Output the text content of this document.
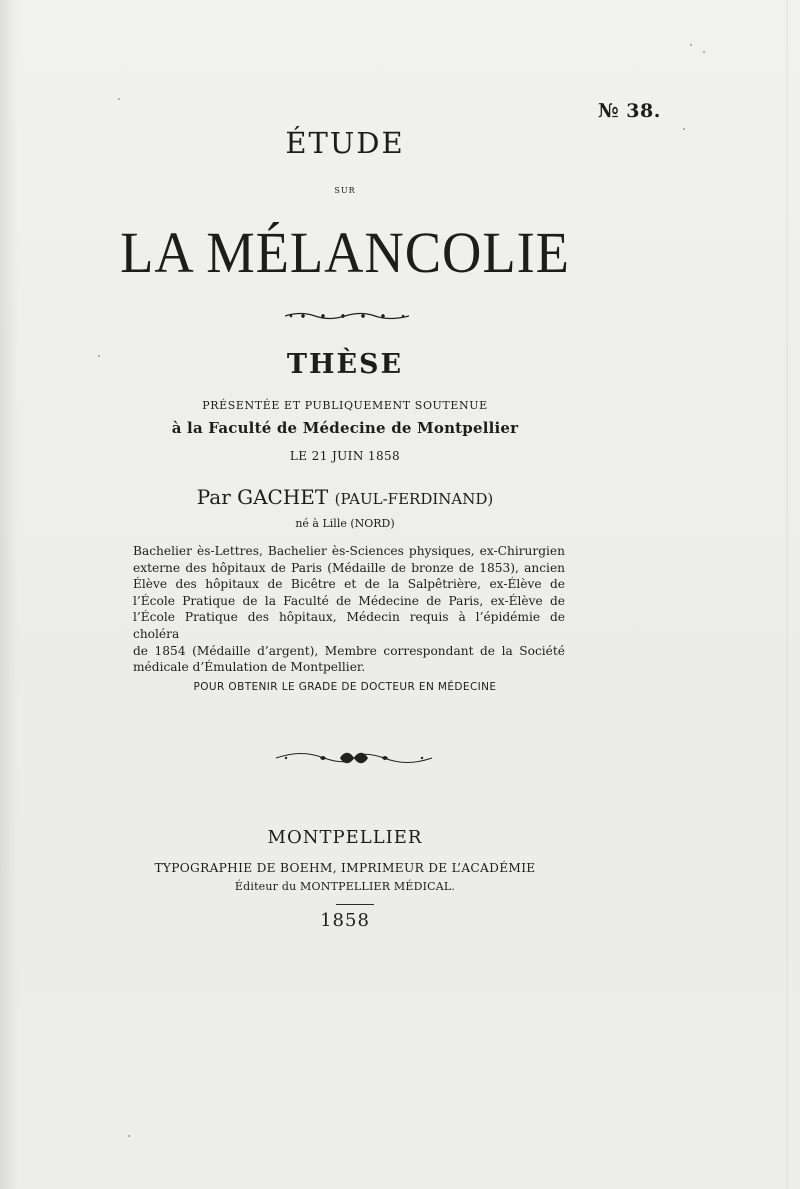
№ 38.
ÉTUDE
SUR
LA MÉLANCOLIE
THÈSE
PRÉSENTÉE ET PUBLIQUEMENT SOUTENUE
à la Faculté de Médecine de Montpellier
LE 21 JUIN 1858
Par GACHET (PAUL-FERDINAND)
né à Lille (NORD)
Bachelier ès-Lettres, Bachelier ès-Sciences physiques, ex-Chirurgien
externe des hôpitaux de Paris (Médaille de bronze de 1853), ancien
Élève des hôpitaux de Bicêtre et de la Salpêtrière, ex-Élève de
l’École Pratique de la Faculté de Médecine de Paris, ex-Élève de
l’École Pratique des hôpitaux, Médecin requis à l’épidémie de choléra
de 1854 (Médaille d’argent), Membre correspondant de la Société
médicale d’Émulation de Montpellier.
POUR OBTENIR LE GRADE DE DOCTEUR EN MÉDECINE
MONTPELLIER
TYPOGRAPHIE DE BOEHM, IMPRIMEUR DE L’ACADÉMIE
Éditeur du MONTPELLIER MÉDICAL.
1858
